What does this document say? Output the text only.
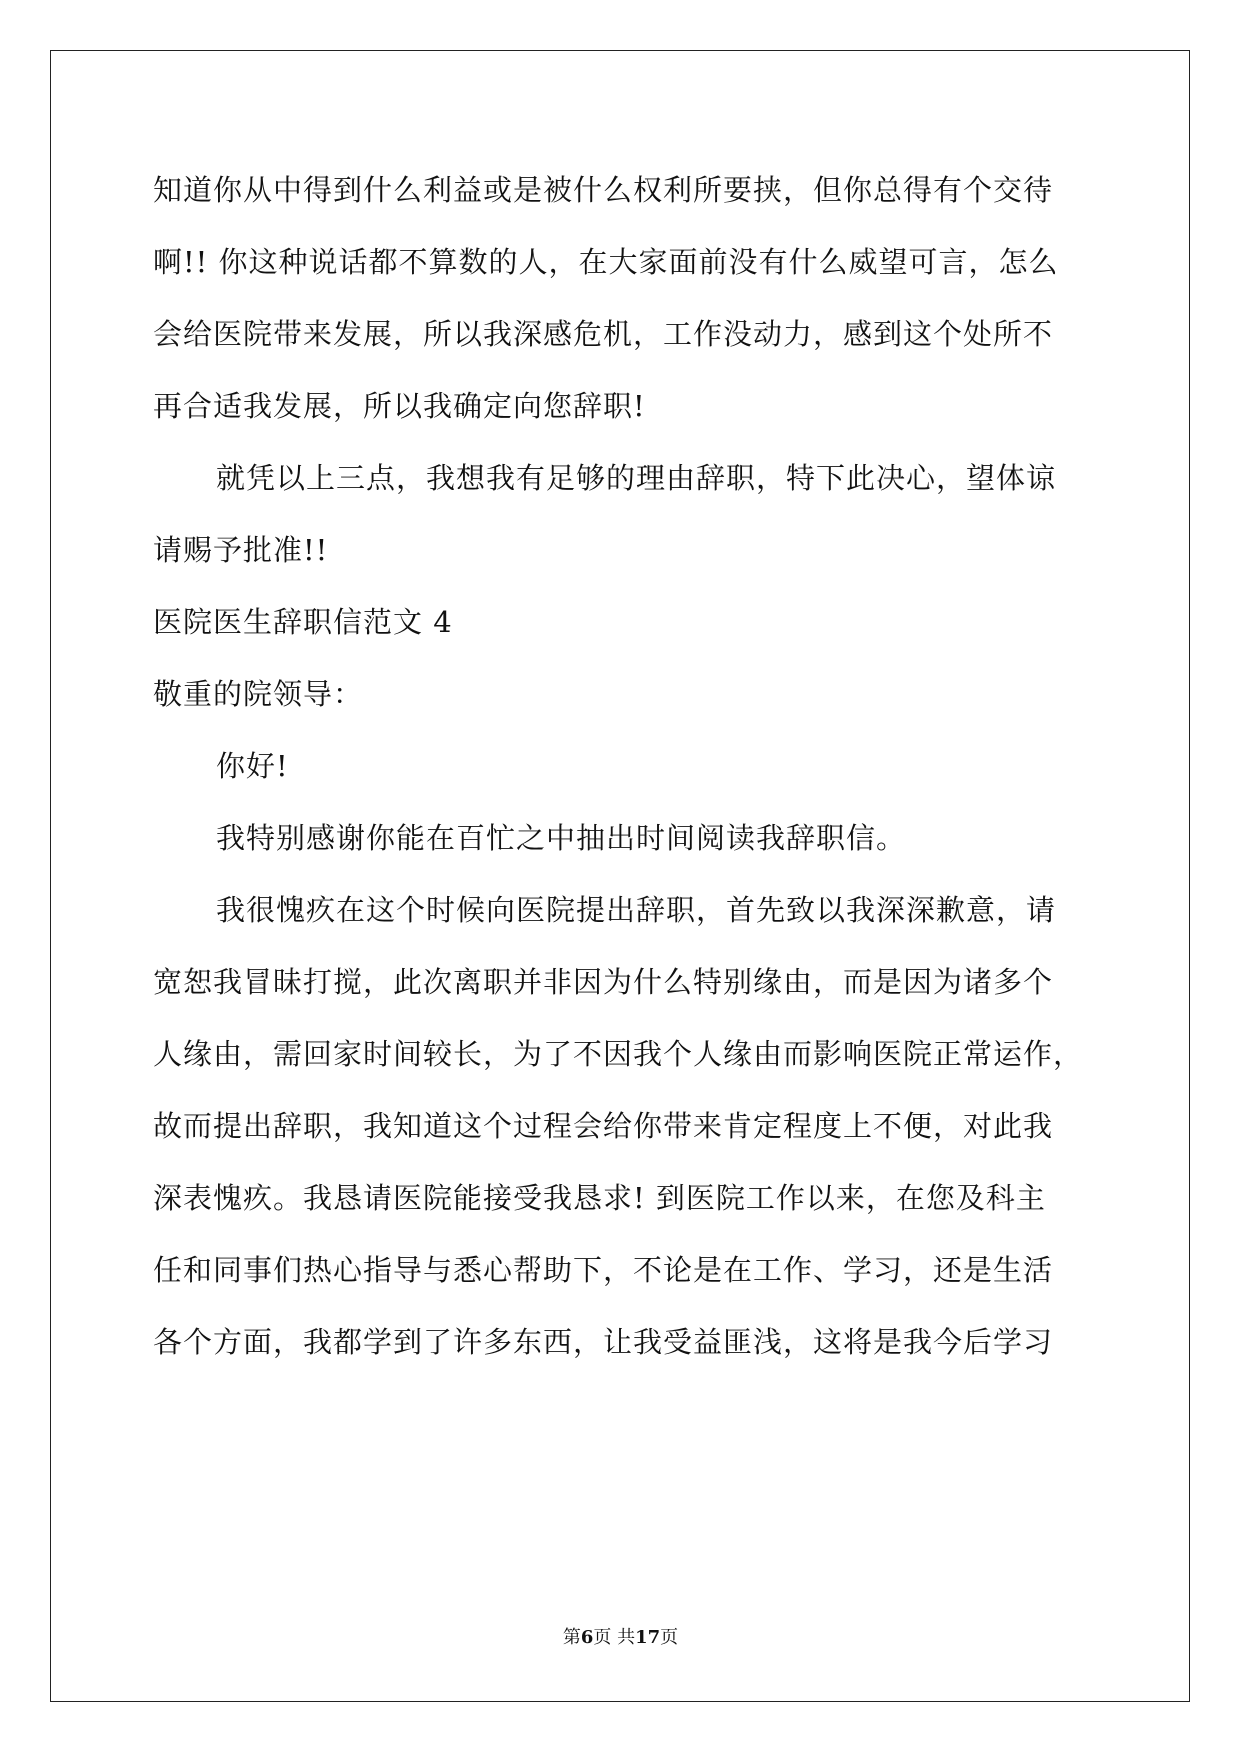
知道你从中得到什么利益或是被什么权利所要挟，但你总得有个交待
啊!! 你这种说话都不算数的人，在大家面前没有什么威望可言，怎么
会给医院带来发展，所以我深感危机，工作没动力，感到这个处所不
再合适我发展，所以我确定向您辞职!
就凭以上三点，我想我有足够的理由辞职，特下此决心，望体谅
请赐予批准!!
医院医生辞职信范文 4
敬重的院领导：
你好!
我特别感谢你能在百忙之中抽出时间阅读我辞职信。
我很愧疚在这个时候向医院提出辞职，首先致以我深深歉意，请
宽恕我冒昧打搅，此次离职并非因为什么特别缘由，而是因为诸多个
人缘由，需回家时间较长，为了不因我个人缘由而影响医院正常运作，
故而提出辞职，我知道这个过程会给你带来肯定程度上不便，对此我
深表愧疚。我恳请医院能接受我恳求! 到医院工作以来，在您及科主
任和同事们热心指导与悉心帮助下，不论是在工作、学习，还是生活
各个方面，我都学到了许多东西，让我受益匪浅，这将是我今后学习
第6页 共17页
